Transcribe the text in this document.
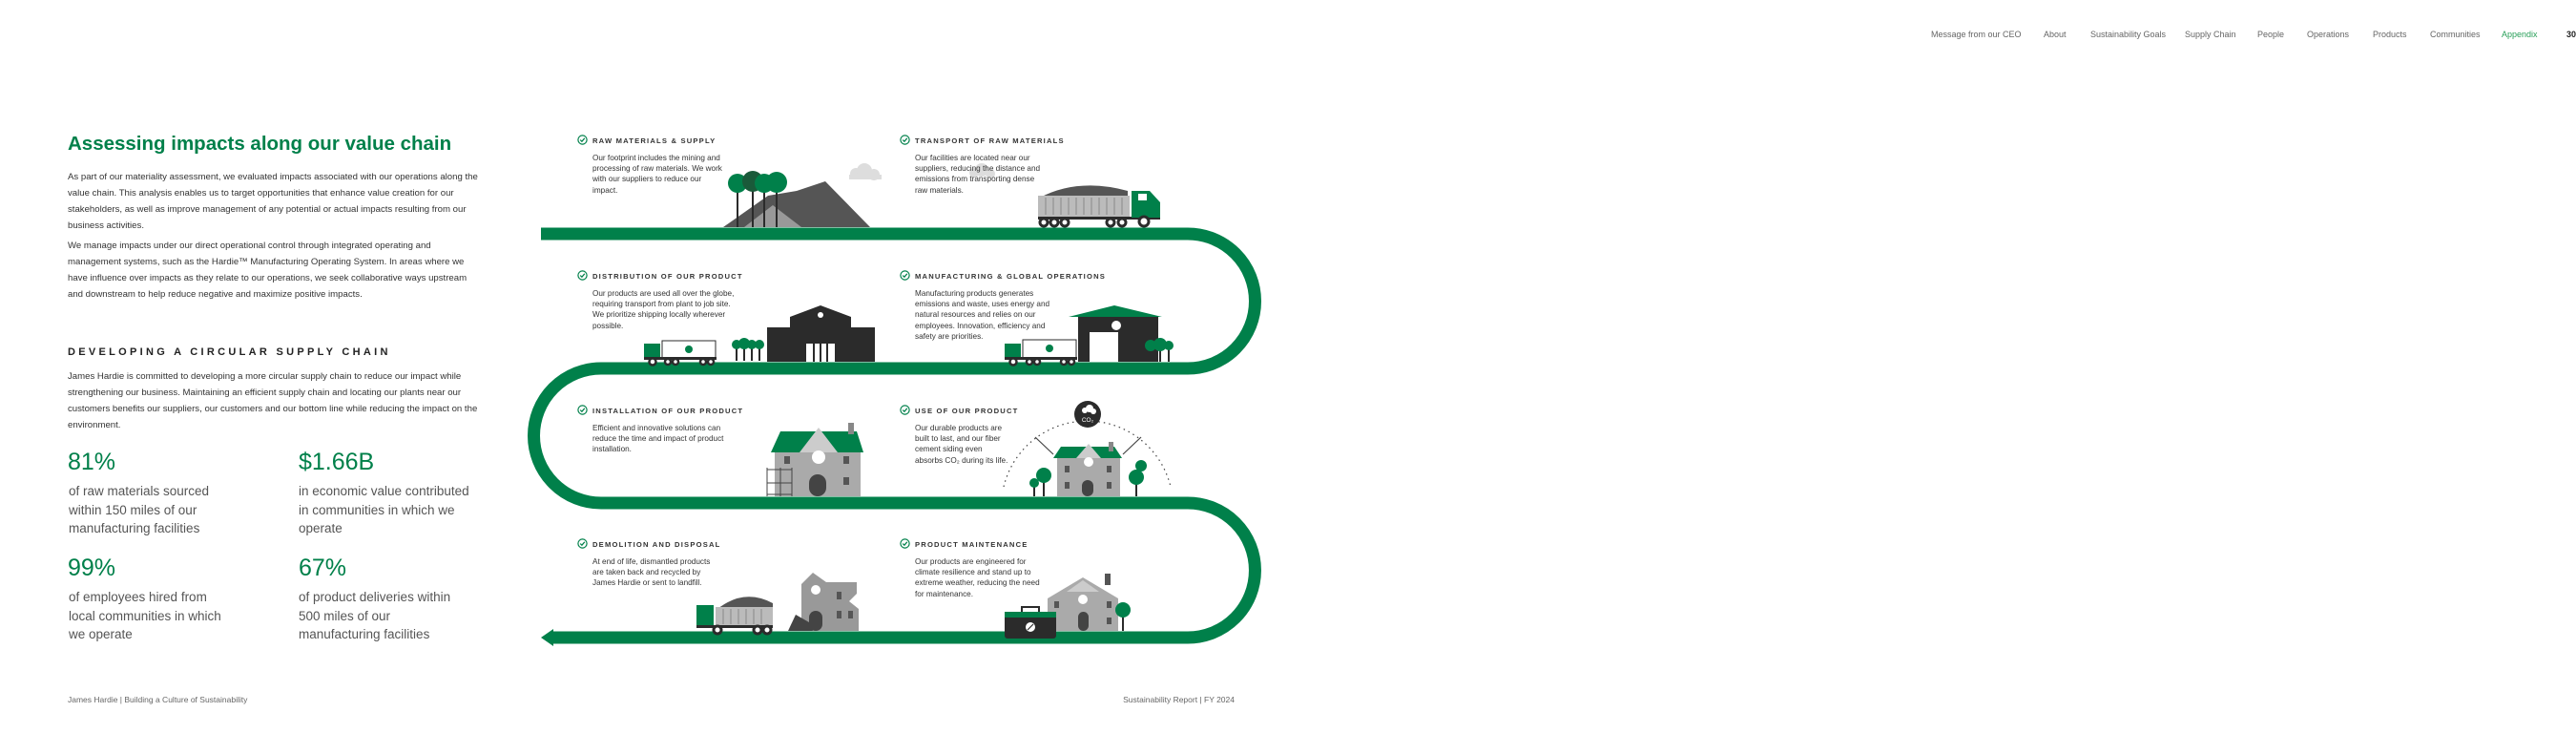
Message from our CEO	About	Sustainability Goals Supply Chain People	Operations	Products	Communities Appendix	30
Assessing impacts along our value chain

As part of our materiality assessment, we evaluated impacts associated with our operations along the value chain. This analysis enables us to target opportunities that enhance value creation for our stakeholders, as well as improve management of any potential or actual impacts resulting from our business activities.

We manage impacts under our direct operational control through integrated operating and management systems, such as the Hardie™ Manufacturing Operating System. In areas where we have influence over impacts as they relate to our operations, we seek collaborative ways upstream and downstream to help reduce negative and maximize positive impacts.

DEVELOPING A CIRCULAR SUPPLY CHAIN

James Hardie is committed to developing a more circular supply chain to reduce our impact while strengthening our business. Maintaining an efficient supply chain and locating our plants near our customers benefits our suppliers, our customers and our bottom line while reducing the impact on the environment.

81%
of raw materials sourced within 150 miles of our manufacturing facilities
$1.66B
in economic value contributed in communities in which we operate
99%
of employees hired from local communities in which we operate
67%
of product deliveries within 500 miles of our manufacturing facilities
RAW MATERIALS & SUPPLY
Our footprint includes the mining and processing of raw materials. We work with our suppliers to reduce our impact.
TRANSPORT OF RAW MATERIALS
Our facilities are located near our suppliers, reducing the distance and emissions from transporting dense raw materials.
DISTRIBUTION OF OUR PRODUCT
Our products are used all over the globe, requiring transport from plant to job site. We prioritize shipping locally wherever possible.
MANUFACTURING & GLOBAL OPERATIONS
Manufacturing products generates emissions and waste, uses energy and natural resources and relies on our employees. Innovation, efficiency and safety are priorities.
INSTALLATION OF OUR PRODUCT
Efficient and innovative solutions can reduce the time and impact of product installation.
USE OF OUR PRODUCT
Our durable products are built to last, and our fiber cement siding even absorbs CO₂ during its life.
CO₂
DEMOLITION AND DISPOSAL
At end of life, dismantled products are taken back and recycled by James Hardie or sent to landfill.
PRODUCT MAINTENANCE
Our products are engineered for climate resilience and stand up to extreme weather, reducing the need for maintenance.
James Hardie | Building a Culture of Sustainability	Sustainability Report | FY 2024
